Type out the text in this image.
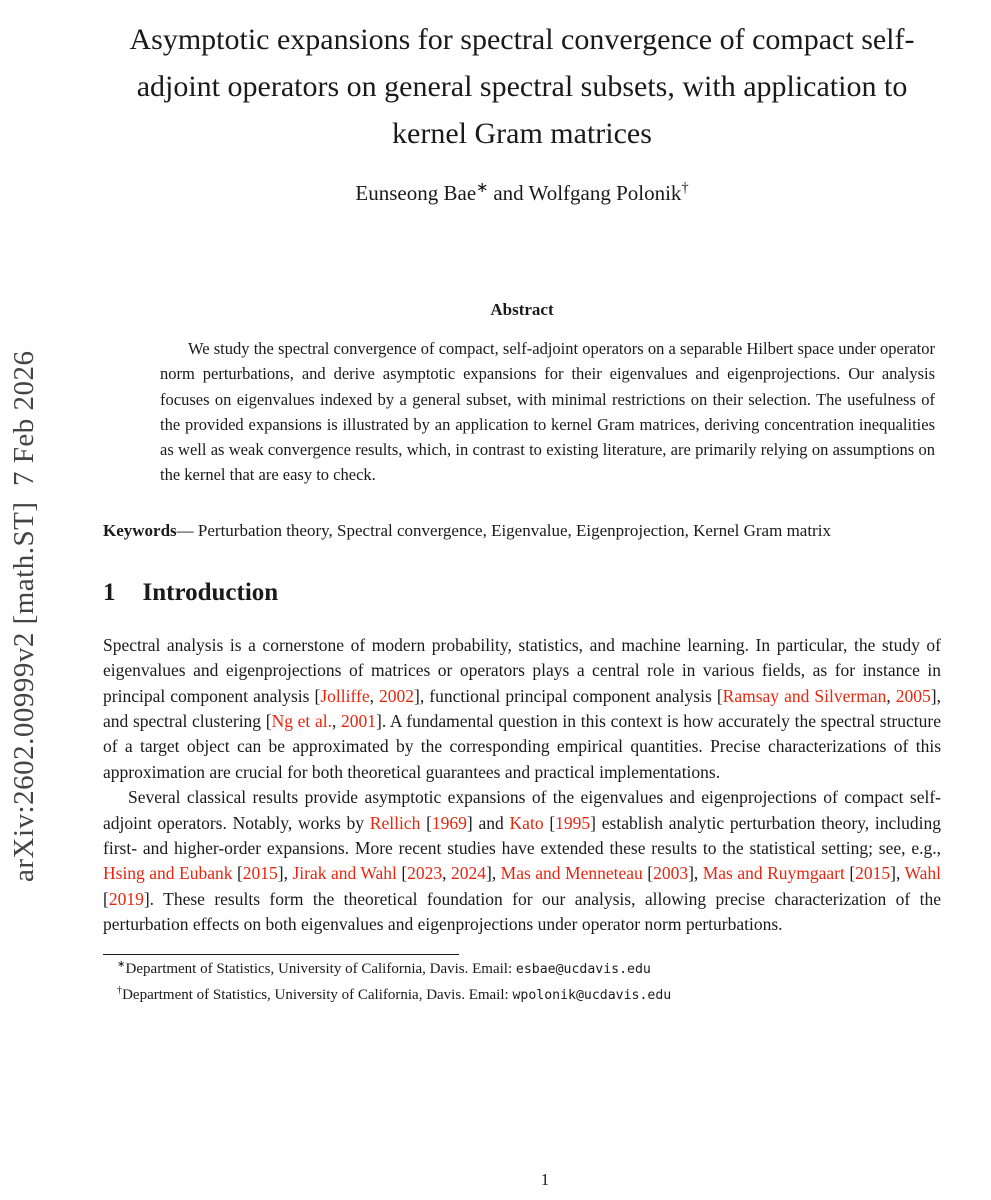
arXiv:2602.00999v2 [math.ST]  7 Feb 2026
Asymptotic expansions for spectral convergence of compact self-adjoint operators on general spectral subsets, with application to kernel Gram matrices
Eunseong Bae∗ and Wolfgang Polonik†
Abstract
We study the spectral convergence of compact, self-adjoint operators on a separable Hilbert space under operator norm perturbations, and derive asymptotic expansions for their eigenvalues and eigenprojections. Our analysis focuses on eigenvalues indexed by a general subset, with minimal restrictions on their selection. The usefulness of the provided expansions is illustrated by an application to kernel Gram matrices, deriving concentration inequalities as well as weak convergence results, which, in contrast to existing literature, are primarily relying on assumptions on the kernel that are easy to check.
Keywords— Perturbation theory, Spectral convergence, Eigenvalue, Eigenprojection, Kernel Gram matrix
1 Introduction

Spectral analysis is a cornerstone of modern probability, statistics, and machine learning. In particular, the study of eigenvalues and eigenprojections of matrices or operators plays a central role in various fields, as for instance in principal component analysis [Jolliffe, 2002], functional principal component analysis [Ramsay and Silverman, 2005], and spectral clustering [Ng et al., 2001]. A fundamental question in this context is how accurately the spectral structure of a target object can be approximated by the corresponding empirical quantities. Precise characterizations of this approximation are crucial for both theoretical guarantees and practical implementations.

Several classical results provide asymptotic expansions of the eigenvalues and eigenprojections of compact self-adjoint operators. Notably, works by Rellich [1969] and Kato [1995] establish analytic perturbation theory, including first- and higher-order expansions. More recent studies have extended these results to the statistical setting; see, e.g., Hsing and Eubank [2015], Jirak and Wahl [2023, 2024], Mas and Menneteau [2003], Mas and Ruymgaart [2015], Wahl [2019]. These results form the theoretical foundation for our analysis, allowing precise characterization of the perturbation effects on both eigenvalues and eigenprojections under operator norm perturbations.

∗Department of Statistics, University of California, Davis. Email: esbae@ucdavis.edu
†Department of Statistics, University of California, Davis. Email: wpolonik@ucdavis.edu
1
